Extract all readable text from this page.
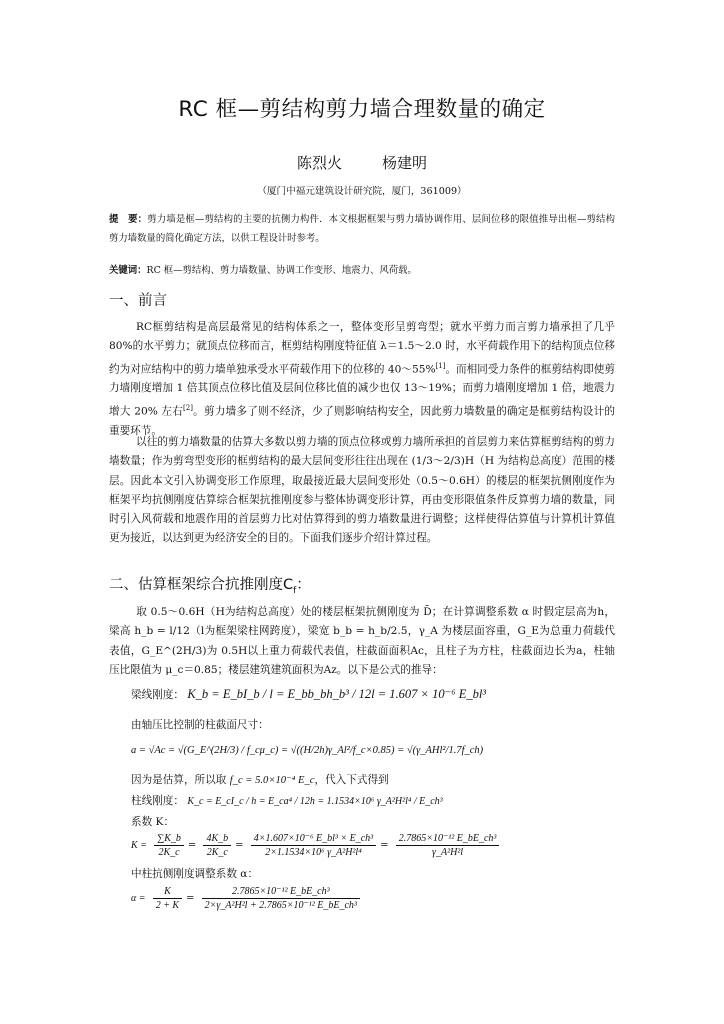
RC 框—剪结构剪力墙合理数量的确定
陈烈火	杨建明
（厦门中福元建筑设计研究院，厦门，361009）
提　要：剪力墙是框—剪结构的主要的抗侧力构件．本文根据框架与剪力墙协调作用、层间位移的限值推导出框—剪结构剪力墙数量的简化确定方法，以供工程设计时参考。
关键词：RC 框—剪结构、剪力墙数量、协调工作变形、地震力、风荷载。
一、前言
RC框剪结构是高层最常见的结构体系之一，整体变形呈剪弯型；就水平剪力而言剪力墙承担了几乎 80%的水平剪力；就顶点位移而言，框剪结构刚度特征值 λ＝1.5～2.0 时，水平荷载作用下的结构顶点位移约为对应结构中的剪力墙单独承受水平荷载作用下的位移的 40～55%[1]。而相同受力条件的框剪结构即使剪力墙刚度增加 1 倍其顶点位移比值及层间位移比值的减少也仅 13～19%；而剪力墙刚度增加 1 倍，地震力增大 20% 左右[2]。剪力墙多了则不经济，少了则影响结构安全，因此剪力墙数量的确定是框剪结构设计的重要环节。
以往的剪力墙数量的估算大多数以剪力墙的顶点位移或剪力墙所承担的首层剪力来估算框剪结构的剪力墙数量；作为剪弯型变形的框剪结构的最大层间变形往往出现在 (1/3～2/3)H（H 为结构总高度）范围的楼层。因此本文引入协调变形工作原理，取最接近最大层间变形处（0.5～0.6H）的楼层的框架抗侧刚度作为框架平均抗侧刚度估算综合框架抗推刚度参与整体协调变形计算，再由变形限值条件反算剪力墙的数量，同时引入风荷载和地震作用的首层剪力比对估算得到的剪力墙数量进行调整；这样使得估算值与计算机计算值更为接近，以达到更为经济安全的目的。下面我们逐步介绍计算过程。
二、估算框架综合抗推刚度$C_f$：
取 0.5～0.6H（H为结构总高度）处的楼层框架抗侧刚度为 D̄；在计算调整系数 α 时假定层高为h，梁高 h_b = l/12（l为框架梁柱网跨度），梁宽 b_b = h_b/2.5，γ_A 为楼层面容重，G_E为总重力荷载代表值，G_E^(2H/3)为 0.5H以上重力荷载代表值，柱截面面积Ac，且柱子为方柱，柱截面边长为a，柱轴压比限值为 μ_c＝0.85；楼层建筑建筑面积为Az。以下是公式的推导：
梁线刚度： K_b = E_bI_b / l = E_bb_bh_b³ / 12l = 1.607 × 10⁻⁶ E_bl³
由轴压比控制的柱截面尺寸：
a = √Ac = √(G_E^(2H/3) / f_cμ_c) = √((H/2h)γ_Al²/f_c×0.85) = √(γ_AHl²/1.7f_ch)
因为是估算，所以取 f_c = 5.0×10⁻⁴ E_c，代入下式得到
柱线刚度： K_c = E_cI_c / h = E_ca⁴ / 12h = 1.1534×10⁶ γ_A²H²l⁴ / E_ch³
系数 K：
$K = \frac{\sum K\_b}{2K\_c} = \frac{4K\_b}{2K\_c} = \frac{\text{4×1.607×10⁻⁶ E\_bl³ × E\_ch³}}{\text{2×1.1534×10⁶ γ\_A²H²l⁴}} = \frac{\text{2.7865×10⁻¹² E\_bE\_ch³}}{\text{γ\_A²H²l}}$
中柱抗侧刚度调整系数 α：
$\alpha = \frac{K}{2 + K} = \frac{\text{2.7865×10⁻¹² E\_bE\_ch³}}{\text{2×γ\_A²H²l + 2.7865×10⁻¹² E\_bE\_ch³}}$
